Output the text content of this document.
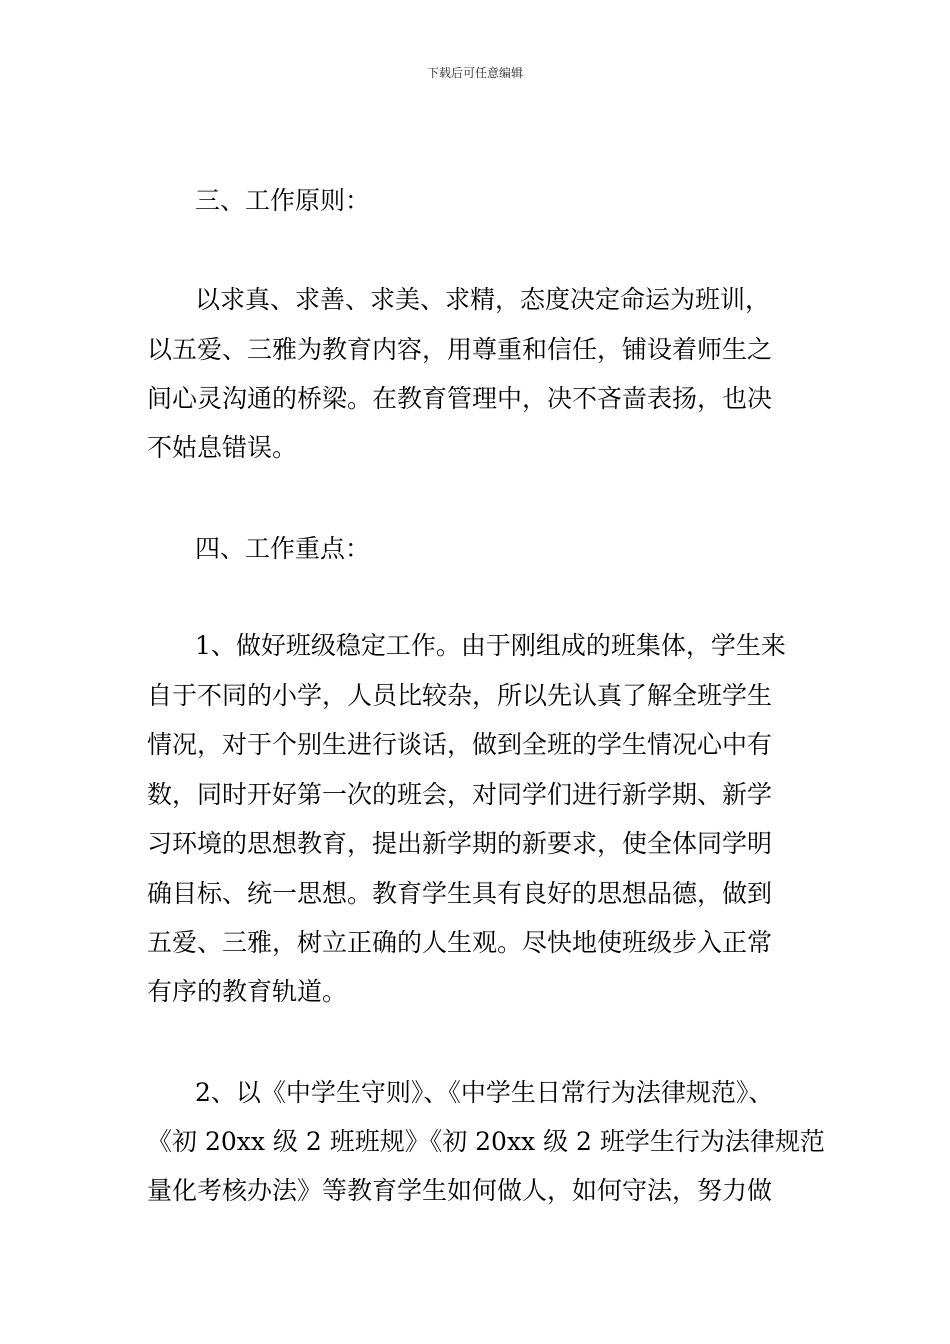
下载后可任意编辑
三、工作原则：
以求真、求善、求美、求精，态度决定命运为班训，
以五爱、三雅为教育内容，用尊重和信任，铺设着师生之
间心灵沟通的桥梁。在教育管理中，决不吝啬表扬，也决
不姑息错误。
四、工作重点：
1、做好班级稳定工作。由于刚组成的班集体，学生来
自于不同的小学，人员比较杂，所以先认真了解全班学生
情况，对于个别生进行谈话，做到全班的学生情况心中有
数，同时开好第一次的班会，对同学们进行新学期、新学
习环境的思想教育，提出新学期的新要求，使全体同学明
确目标、统一思想。教育学生具有良好的思想品德，做到
五爱、三雅，树立正确的人生观。尽快地使班级步入正常
有序的教育轨道。
2、以《中学生守则》、《中学生日常行为法律规范》、
《初 20xx 级 2 班班规》《初 20xx 级 2 班学生行为法律规范
量化考核办法》等教育学生如何做人，如何守法，努力做
